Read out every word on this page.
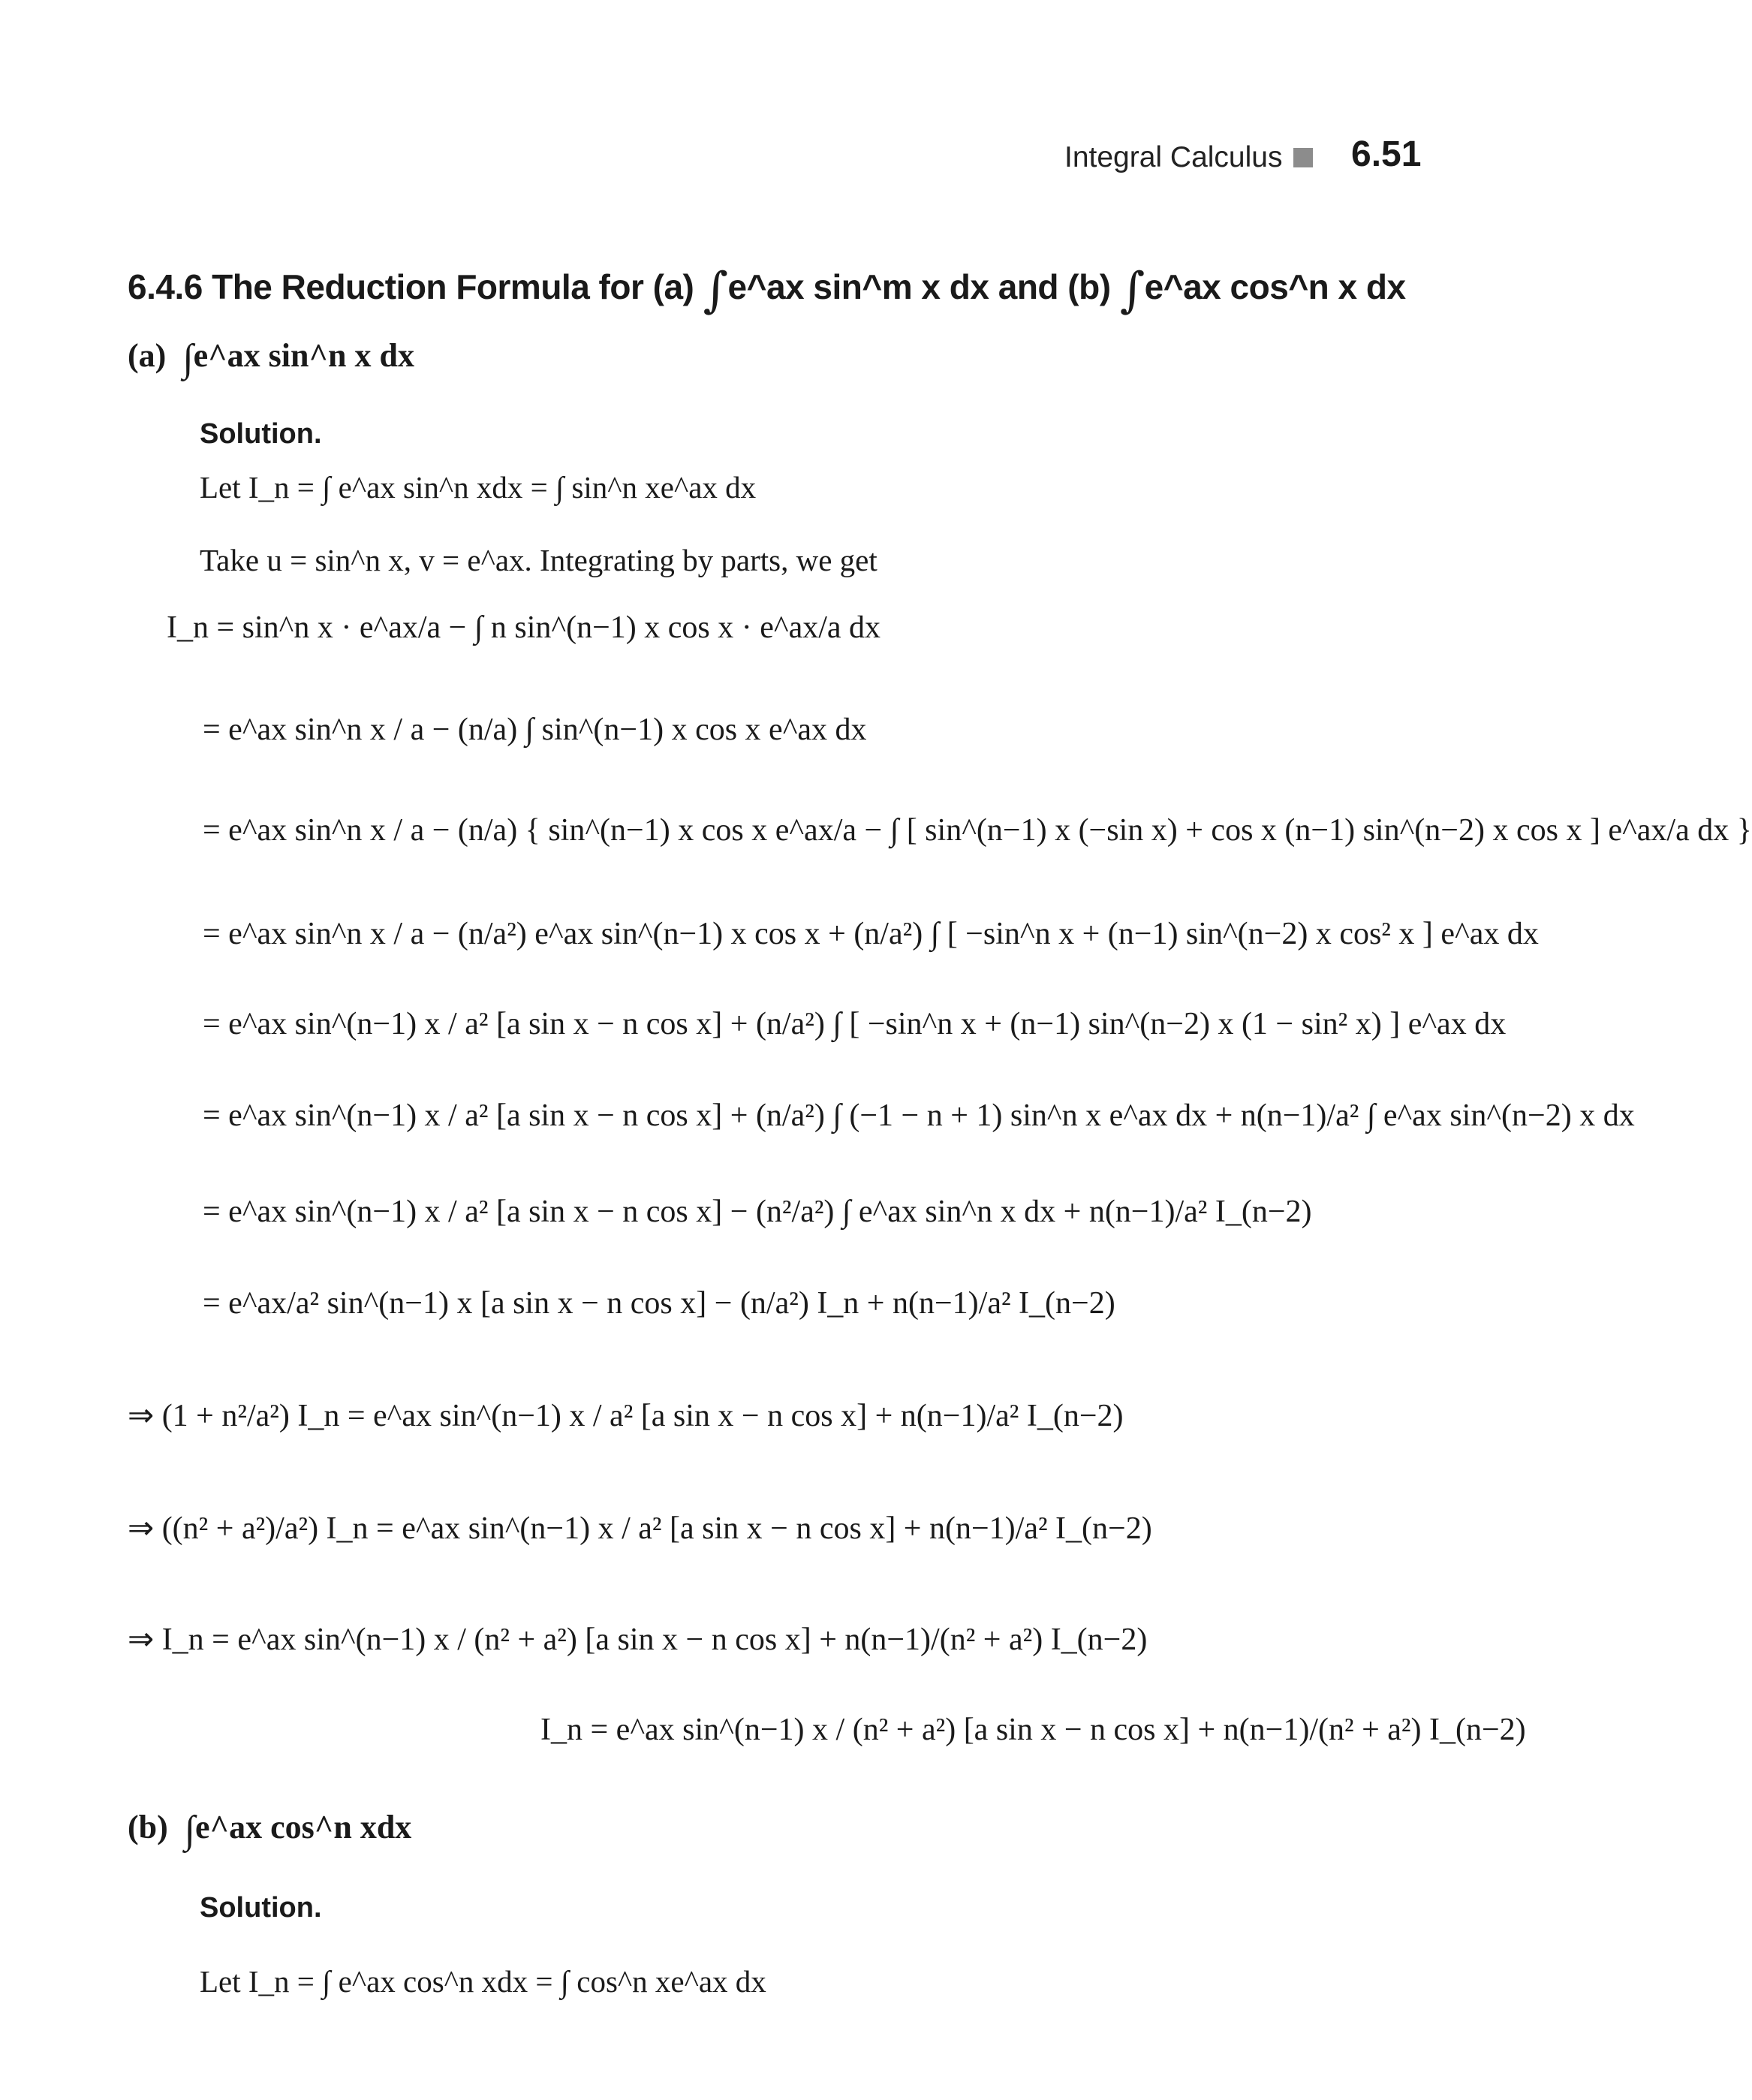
Integral Calculus 6.51
6.4.6 The Reduction Formula for (a) ∫e^ax sin^m x dx and (b) ∫e^ax cos^n x dx
(a) ∫e^ax sin^n x dx
Solution.
Let I_n = ∫ e^ax sin^n xdx = ∫ sin^n xe^ax dx
Take u = sin^n x, v = e^ax. Integrating by parts, we get
I_n = sin^n x · e^ax/a − ∫ n sin^(n−1) x cos x · e^ax/a dx
= e^ax sin^n x / a − (n/a) ∫ sin^(n−1) x cos x e^ax dx
= e^ax sin^n x / a − (n/a) { sin^(n−1) x cos x e^ax/a − ∫ [ sin^(n−1) x (−sin x) + cos x (n−1) sin^(n−2) x cos x ] e^ax/a dx }
= e^ax sin^n x / a − (n/a²) e^ax sin^(n−1) x cos x + (n/a²) ∫ [ −sin^n x + (n−1) sin^(n−2) x cos² x ] e^ax dx
= e^ax sin^(n−1) x / a² [a sin x − n cos x] + (n/a²) ∫ [ −sin^n x + (n−1) sin^(n−2) x (1 − sin² x) ] e^ax dx
= e^ax sin^(n−1) x / a² [a sin x − n cos x] + (n/a²) ∫ (−1 − n + 1) sin^n x e^ax dx + n(n−1)/a² ∫ e^ax sin^(n−2) x dx
= e^ax sin^(n−1) x / a² [a sin x − n cos x] − (n²/a²) ∫ e^ax sin^n x dx + n(n−1)/a² I_(n−2)
= e^ax/a² sin^(n−1) x [a sin x − n cos x] − (n/a²) I_n + n(n−1)/a² I_(n−2)
⇒ (1 + n²/a²) I_n = e^ax sin^(n−1) x / a² [a sin x − n cos x] + n(n−1)/a² I_(n−2)
⇒ ((n² + a²)/a²) I_n = e^ax sin^(n−1) x / a² [a sin x − n cos x] + n(n−1)/a² I_(n−2)
⇒ I_n = e^ax sin^(n−1) x / (n² + a²) [a sin x − n cos x] + n(n−1)/(n² + a²) I_(n−2)
I_n = e^ax sin^(n−1) x / (n² + a²) [a sin x − n cos x] + n(n−1)/(n² + a²) I_(n−2)
(b) ∫e^ax cos^n xdx
Solution.
Let I_n = ∫ e^ax cos^n xdx = ∫ cos^n xe^ax dx
